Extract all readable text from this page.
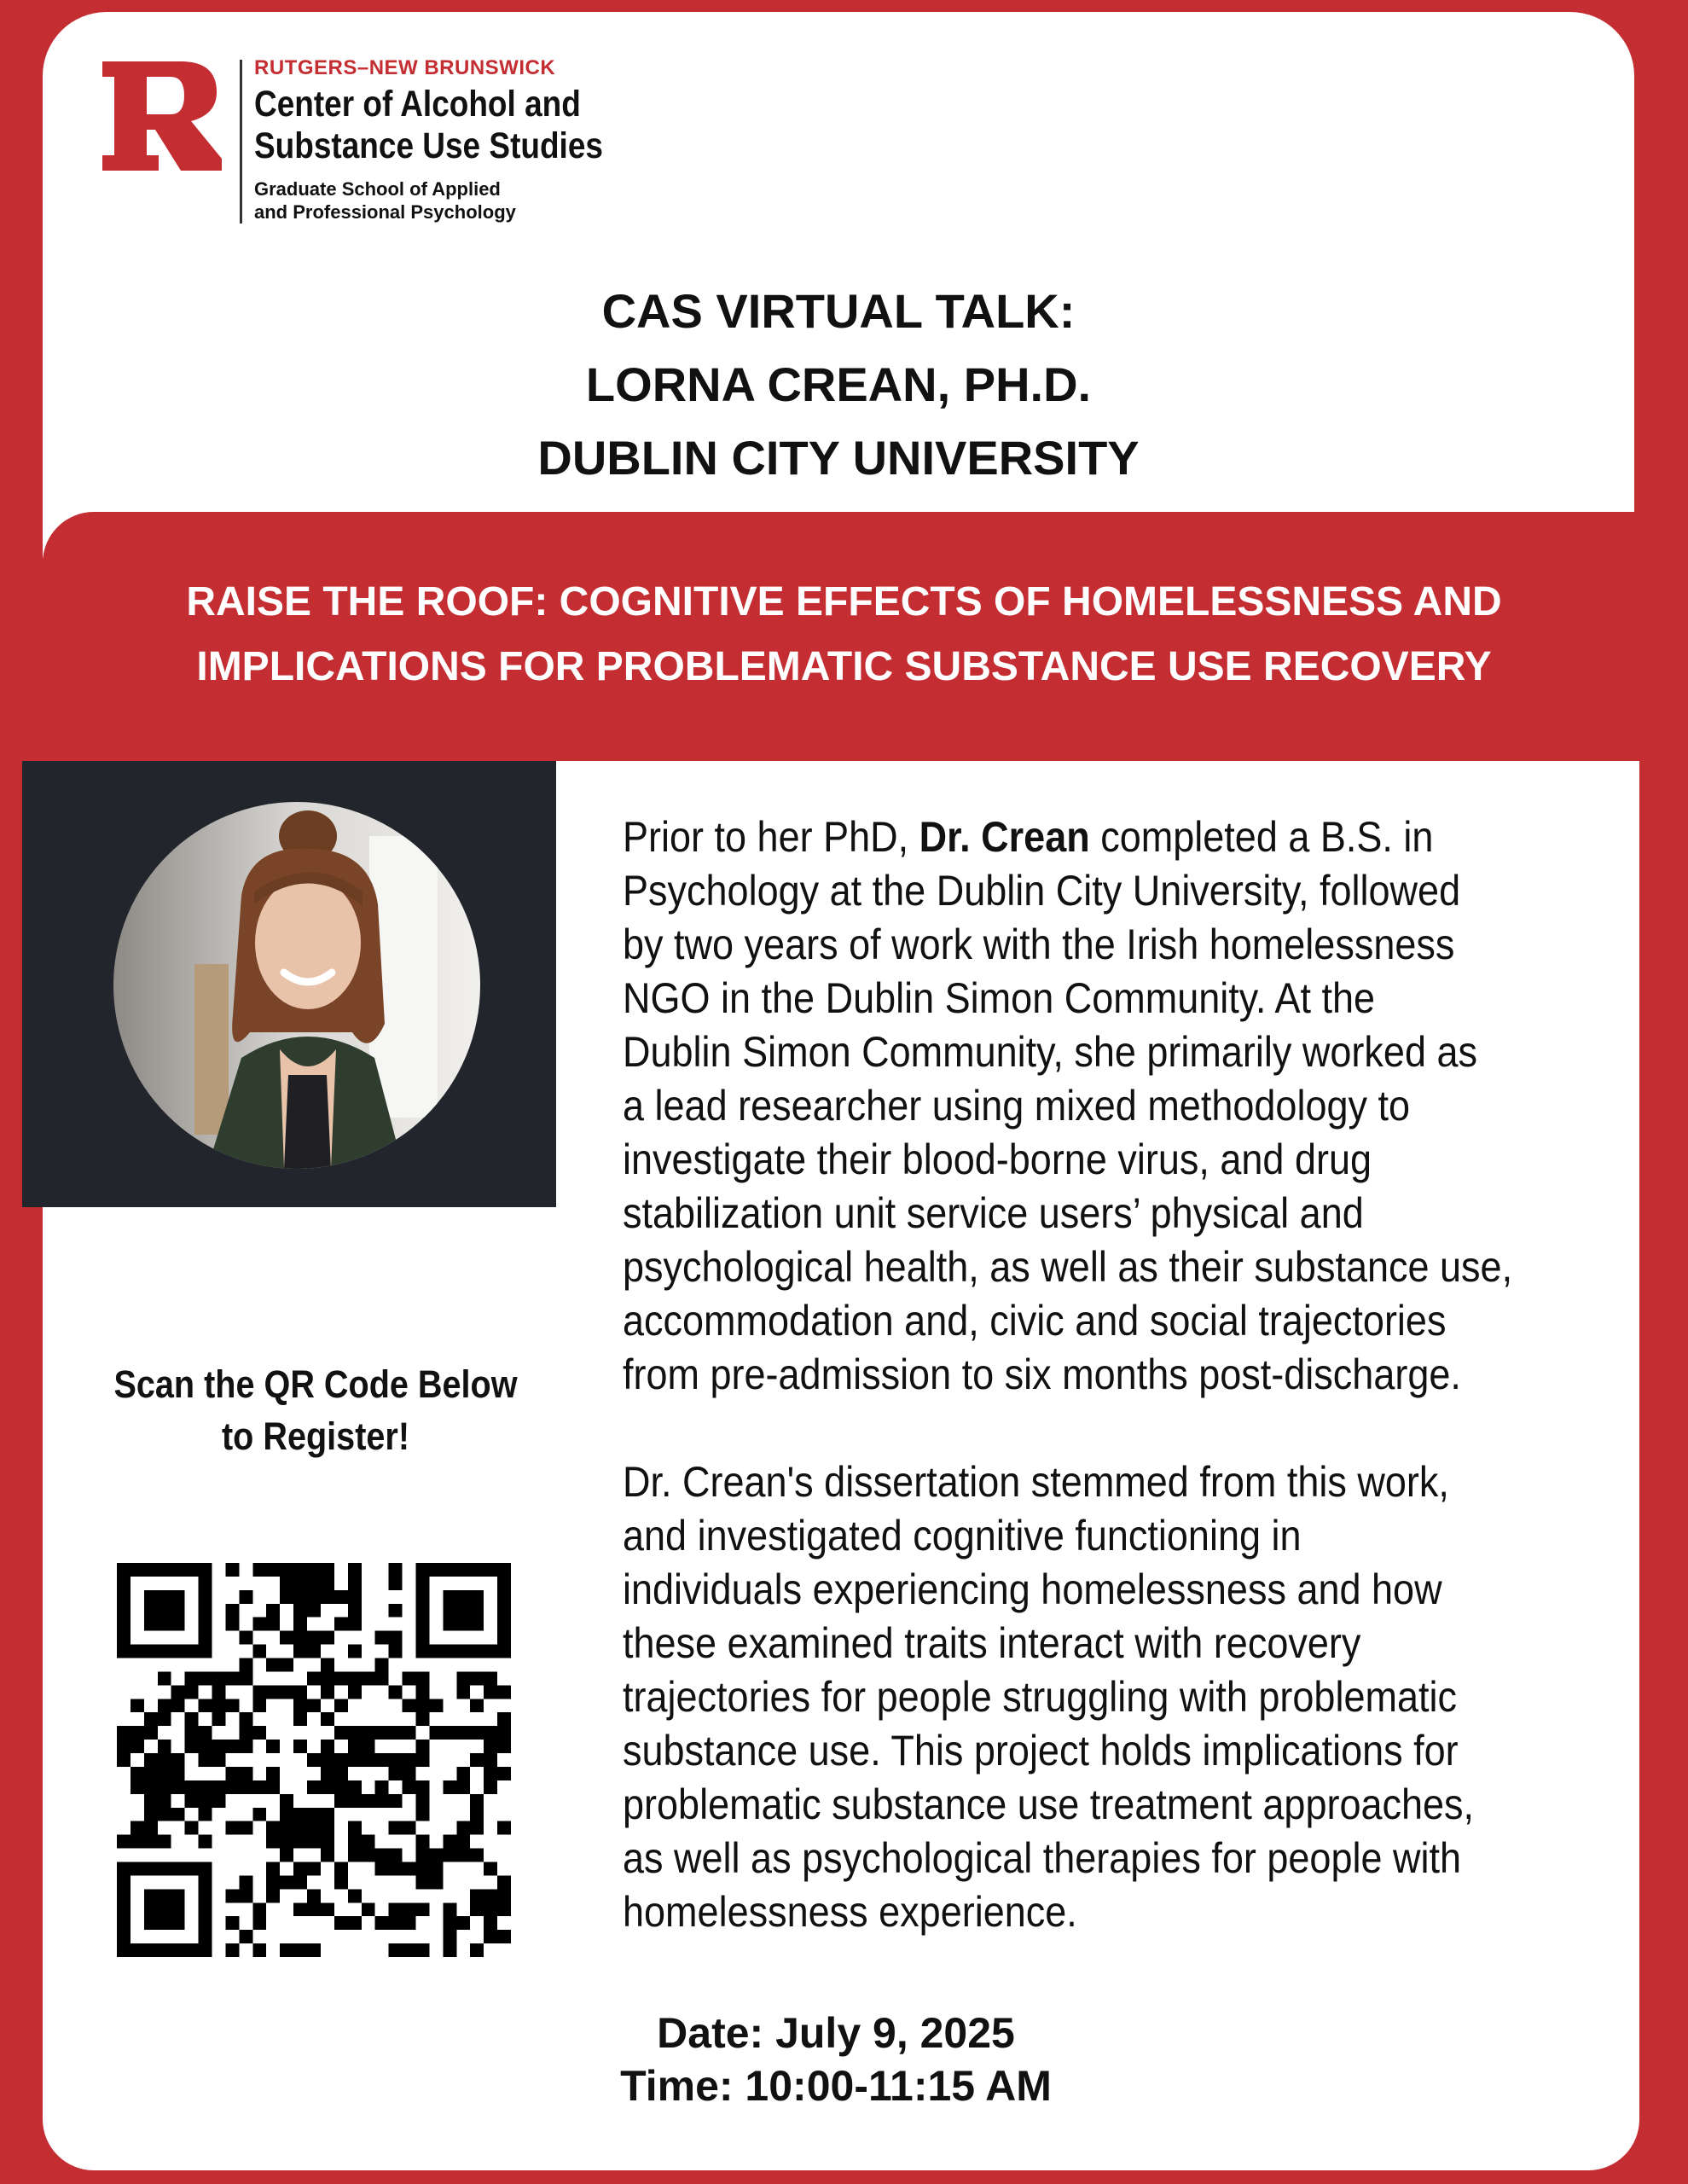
RUTGERS–NEW BRUNSWICK
Center of Alcohol and
Substance Use Studies
Graduate School of Applied
and Professional Psychology
CAS VIRTUAL TALK:
LORNA CREAN, PH.D.
DUBLIN CITY UNIVERSITY
RAISE THE ROOF: COGNITIVE EFFECTS OF HOMELESSNESS AND
IMPLICATIONS FOR PROBLEMATIC SUBSTANCE USE RECOVERY

Prior to her PhD, Dr. Crean completed a B.S. in
Psychology at the Dublin City University, followed
by two years of work with the Irish homelessness
NGO in the Dublin Simon Community. At the
Dublin Simon Community, she primarily worked as
a lead researcher using mixed methodology to
investigate their blood-borne virus, and drug
stabilization unit service users’ physical and
psychological health, as well as their substance use,
accommodation and, civic and social trajectories
from pre-admission to six months post-discharge.

Dr. Crean's dissertation stemmed from this work,
and investigated cognitive functioning in
individuals experiencing homelessness and how
these examined traits interact with recovery
trajectories for people struggling with problematic
substance use. This project holds implications for
problematic substance use treatment approaches,
as well as psychological therapies for people with
homelessness experience.

Scan the QR Code Below
to Register!
Date: July 9, 2025
Time: 10:00-11:15 AM
